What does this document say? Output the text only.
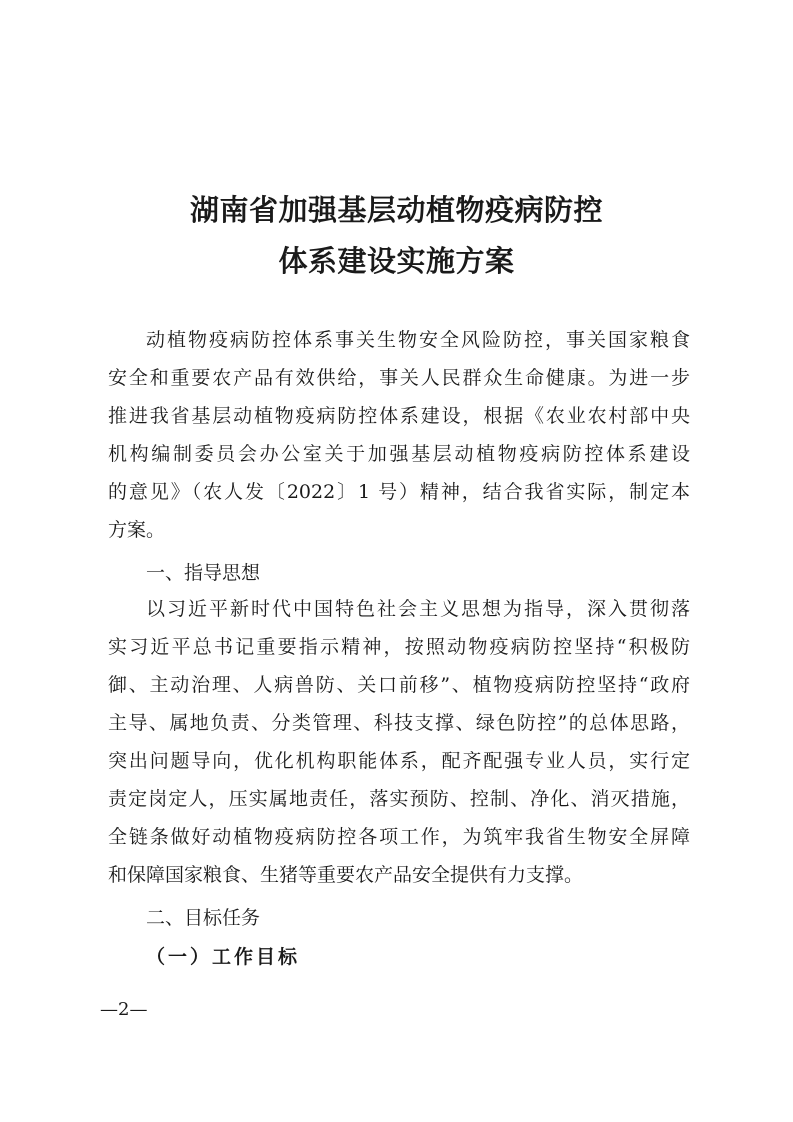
湖南省加强基层动植物疫病防控
体系建设实施方案
动植物疫病防控体系事关生物安全风险防控，事关国家粮食
安全和重要农产品有效供给，事关人民群众生命健康。为进一步
推进我省基层动植物疫病防控体系建设，根据《农业农村部中央
机构编制委员会办公室关于加强基层动植物疫病防控体系建设
的意见》（农人发〔2022〕1 号）精神，结合我省实际，制定本
方案。
一、指导思想
以习近平新时代中国特色社会主义思想为指导，深入贯彻落
实习近平总书记重要指示精神，按照动物疫病防控坚持“积极防
御、主动治理、人病兽防、关口前移”、植物疫病防控坚持“政府
主导、属地负责、分类管理、科技支撑、绿色防控”的总体思路，
突出问题导向，优化机构职能体系，配齐配强专业人员，实行定
责定岗定人，压实属地责任，落实预防、控制、净化、消灭措施，
全链条做好动植物疫病防控各项工作，为筑牢我省生物安全屏障
和保障国家粮食、生猪等重要农产品安全提供有力支撑。
二、目标任务
（一）工作目标
—2—
